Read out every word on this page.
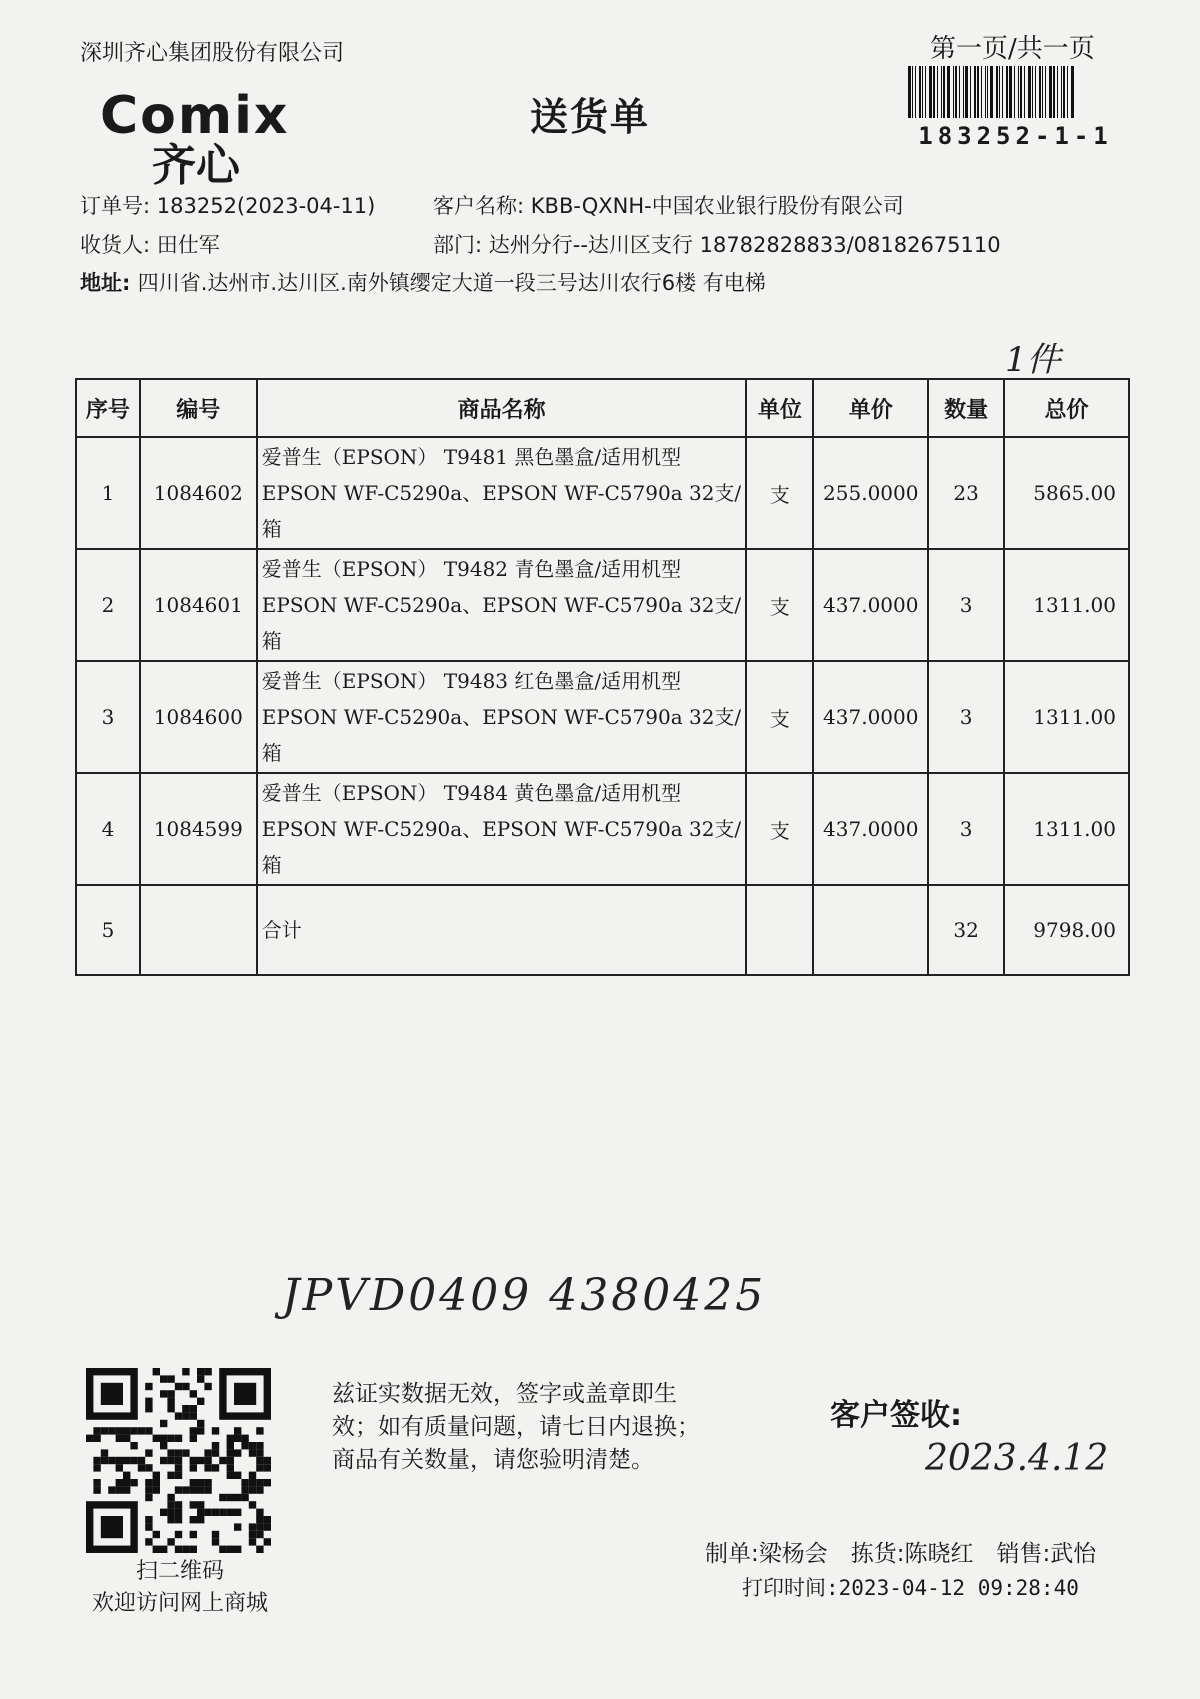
深圳齐心集团股份有限公司	第一页/共一页
183252-1-1
Comix
齐心
送货单
订单号: 183252(2023-04-11)	客户名称: KBB-QXNH-中国农业银行股份有限公司
收货人: 田仕军	部门: 达州分行--达川区支行 18782828833/08182675110
地址: 四川省.达州市.达川区.南外镇缨定大道一段三号达川农行6楼 有电梯
1件
序号	编号	商品名称	单位	单价	数量	总价
1	1084602	爱普生（EPSON） T9481 黑色墨盒/适用机型
EPSON WF-C5290a、EPSON WF-C5790a 32支/箱	支	255.0000	23	5865.00
2	1084601	爱普生（EPSON） T9482 青色墨盒/适用机型
EPSON WF-C5290a、EPSON WF-C5790a 32支/箱	支	437.0000	3	1311.00
3	1084600	爱普生（EPSON） T9483 红色墨盒/适用机型
EPSON WF-C5290a、EPSON WF-C5790a 32支/箱	支	437.0000	3	1311.00
4	1084599	爱普生（EPSON） T9484 黄色墨盒/适用机型
EPSON WF-C5290a、EPSON WF-C5790a 32支/箱	支	437.0000	3	1311.00
5		合计			32	9798.00
JPVD0409 4380425
扫二维码
欢迎访问网上商城
兹证实数据无效，签字或盖章即生
效；如有质量问题，请七日内退换；
商品有关数量，请您验明清楚。
客户签收:
2023.4.12
制单:梁杨会　拣货:陈晓红　销售:武怡
打印时间:2023-04-12 09:28:40
